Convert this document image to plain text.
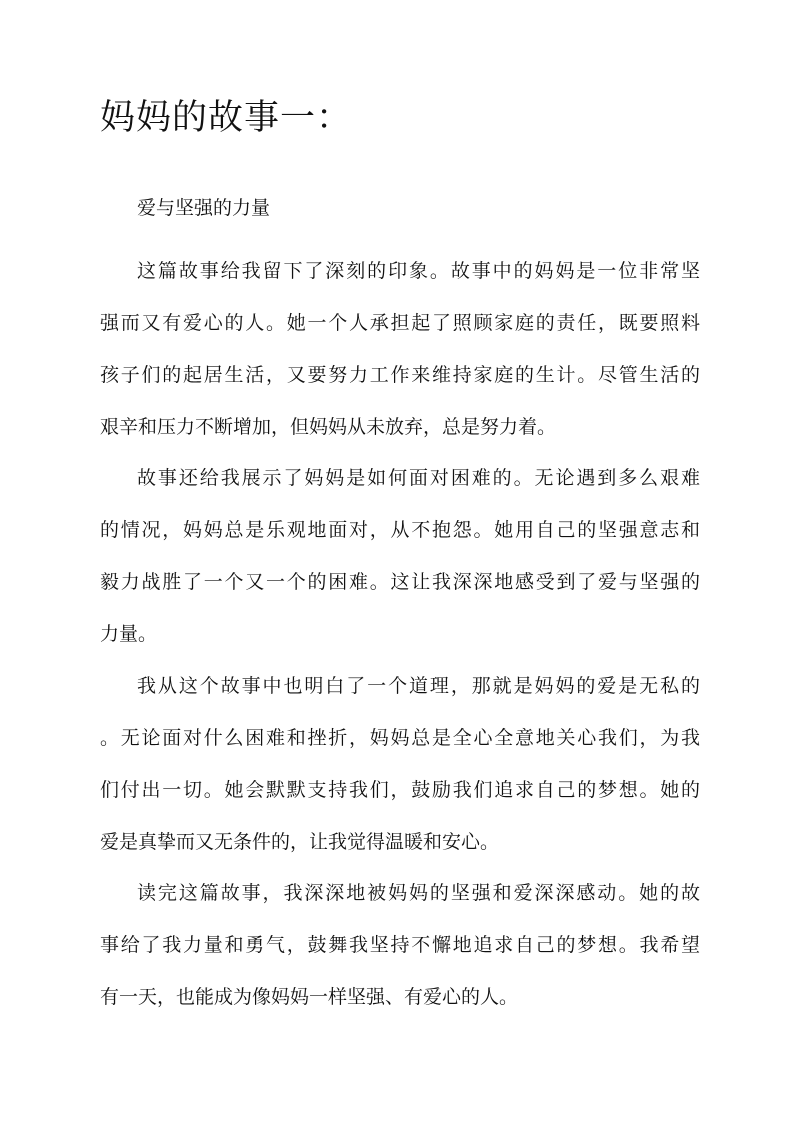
妈妈的故事一：

爱与坚强的力量

这篇故事给我留下了深刻的印象。故事中的妈妈是一位非常坚
强而又有爱心的人。她一个人承担起了照顾家庭的责任，既要照料
孩子们的起居生活，又要努力工作来维持家庭的生计。尽管生活的
艰辛和压力不断增加，但妈妈从未放弃，总是努力着。
故事还给我展示了妈妈是如何面对困难的。无论遇到多么艰难
的情况，妈妈总是乐观地面对，从不抱怨。她用自己的坚强意志和
毅力战胜了一个又一个的困难。这让我深深地感受到了爱与坚强的
力量。
我从这个故事中也明白了一个道理，那就是妈妈的爱是无私的
。无论面对什么困难和挫折，妈妈总是全心全意地关心我们，为我
们付出一切。她会默默支持我们，鼓励我们追求自己的梦想。她的
爱是真挚而又无条件的，让我觉得温暖和安心。
读完这篇故事，我深深地被妈妈的坚强和爱深深感动。她的故
事给了我力量和勇气，鼓舞我坚持不懈地追求自己的梦想。我希望
有一天，也能成为像妈妈一样坚强、有爱心的人。
